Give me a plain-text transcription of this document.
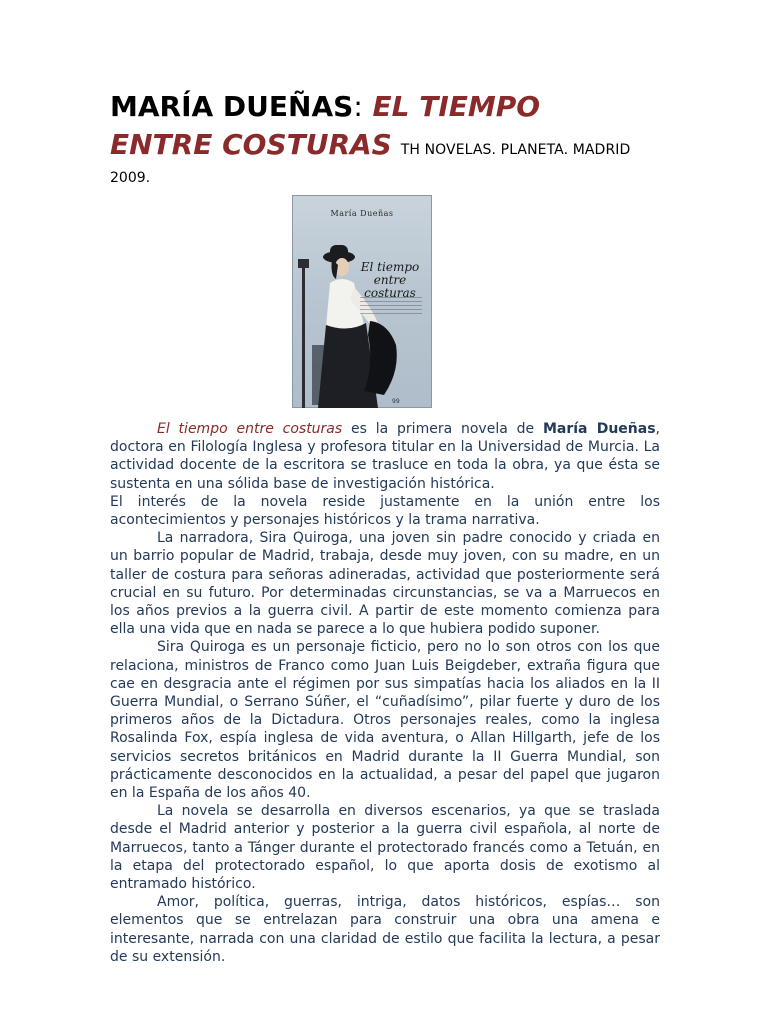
MARÍA DUEÑAS: EL TIEMPO
ENTRE COSTURAS TH NOVELAS. PLANETA. MADRID
2009.
María Dueñas
99
El tiempo entre costuras

El tiempo entre costuras es la primera novela de María Dueñas, doctora en Filología Inglesa y profesora titular en la Universidad de Murcia. La actividad docente de la escritora se trasluce en toda la obra, ya que ésta se sustenta en una sólida base de investigación histórica.

El interés de la novela reside justamente en la unión entre los acontecimientos y personajes históricos y la trama narrativa.

La narradora, Sira Quiroga, una joven sin padre conocido y criada en un barrio popular de Madrid, trabaja, desde muy joven, con su madre, en un taller de costura para señoras adineradas, actividad que posteriormente será crucial en su futuro. Por determinadas circunstancias, se va a Marruecos en los años previos a la guerra civil. A partir de este momento comienza para ella una vida que en nada se parece a lo que hubiera podido suponer.

Sira Quiroga es un personaje ficticio, pero no lo son otros con los que relaciona, ministros de Franco como Juan Luis Beigdeber, extraña figura que cae en desgracia ante el régimen por sus simpatías hacia los aliados en la II Guerra Mundial, o Serrano Súñer, el “cuñadísimo”, pilar fuerte y duro de los primeros años de la Dictadura. Otros personajes reales, como la inglesa Rosalinda Fox, espía inglesa de vida aventura, o Allan Hillgarth, jefe de los servicios secretos británicos en Madrid durante la II Guerra Mundial, son prácticamente desconocidos en la actualidad, a pesar del papel que jugaron en la España de los años 40.

La novela se desarrolla en diversos escenarios, ya que se traslada desde el Madrid anterior y posterior a la guerra civil española, al norte de Marruecos, tanto a Tánger durante el protectorado francés como a Tetuán, en la etapa del protectorado español, lo que aporta dosis de exotismo al entramado histórico.

Amor, política, guerras, intriga, datos históricos, espías… son elementos que se entrelazan para construir una obra una amena e interesante, narrada con una claridad de estilo que facilita la lectura, a pesar de su extensión.
